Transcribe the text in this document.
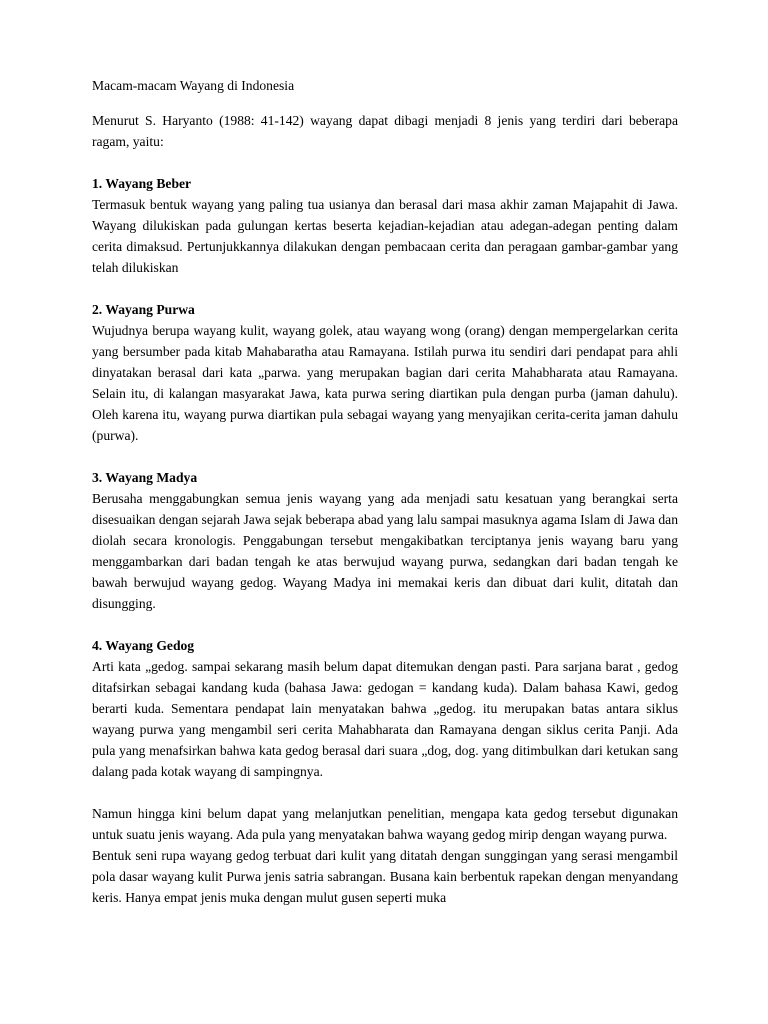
Macam-macam Wayang di Indonesia

Menurut S. Haryanto (1988: 41-142) wayang dapat dibagi menjadi 8 jenis yang terdiri dari beberapa ragam, yaitu:

1. Wayang Beber

Termasuk bentuk wayang yang paling tua usianya dan berasal dari masa akhir zaman Majapahit di Jawa. Wayang dilukiskan pada gulungan kertas beserta kejadian-kejadian atau adegan-adegan penting dalam cerita dimaksud. Pertunjukkannya dilakukan dengan pembacaan cerita dan peragaan gambar-gambar yang telah dilukiskan

2. Wayang Purwa

Wujudnya berupa wayang kulit, wayang golek, atau wayang wong (orang) dengan mempergelarkan cerita yang bersumber pada kitab Mahabaratha atau Ramayana. Istilah purwa itu sendiri dari pendapat para ahli dinyatakan berasal dari kata „parwa. yang merupakan bagian dari cerita Mahabharata atau Ramayana. Selain itu, di kalangan masyarakat Jawa, kata purwa sering diartikan pula dengan purba (jaman dahulu). Oleh karena itu, wayang purwa diartikan pula sebagai wayang yang menyajikan cerita-cerita jaman dahulu (purwa).

3. Wayang Madya

Berusaha menggabungkan semua jenis wayang yang ada menjadi satu kesatuan yang berangkai serta disesuaikan dengan sejarah Jawa sejak beberapa abad yang lalu sampai masuknya agama Islam di Jawa dan diolah secara kronologis. Penggabungan tersebut mengakibatkan terciptanya jenis wayang baru yang menggambarkan dari badan tengah ke atas berwujud wayang purwa, sedangkan dari badan tengah ke bawah berwujud wayang gedog. Wayang Madya ini memakai keris dan dibuat dari kulit, ditatah dan disungging.

4. Wayang Gedog

Arti kata „gedog. sampai sekarang masih belum dapat ditemukan dengan pasti. Para sarjana barat , gedog ditafsirkan sebagai kandang kuda (bahasa Jawa: gedogan = kandang kuda). Dalam bahasa Kawi, gedog berarti kuda. Sementara pendapat lain menyatakan bahwa „gedog. itu merupakan batas antara siklus wayang purwa yang mengambil seri cerita Mahabharata dan Ramayana dengan siklus cerita Panji. Ada pula yang menafsirkan bahwa kata gedog berasal dari suara „dog, dog. yang ditimbulkan dari ketukan sang dalang pada kotak wayang di sampingnya.

Namun hingga kini belum dapat yang melanjutkan penelitian, mengapa kata gedog tersebut digunakan untuk suatu jenis wayang. Ada pula yang menyatakan bahwa wayang gedog mirip dengan wayang purwa.

Bentuk seni rupa wayang gedog terbuat dari kulit yang ditatah dengan sunggingan yang serasi mengambil pola dasar wayang kulit Purwa jenis satria sabrangan. Busana kain berbentuk rapekan dengan menyandang keris. Hanya empat jenis muka dengan mulut gusen seperti muka
